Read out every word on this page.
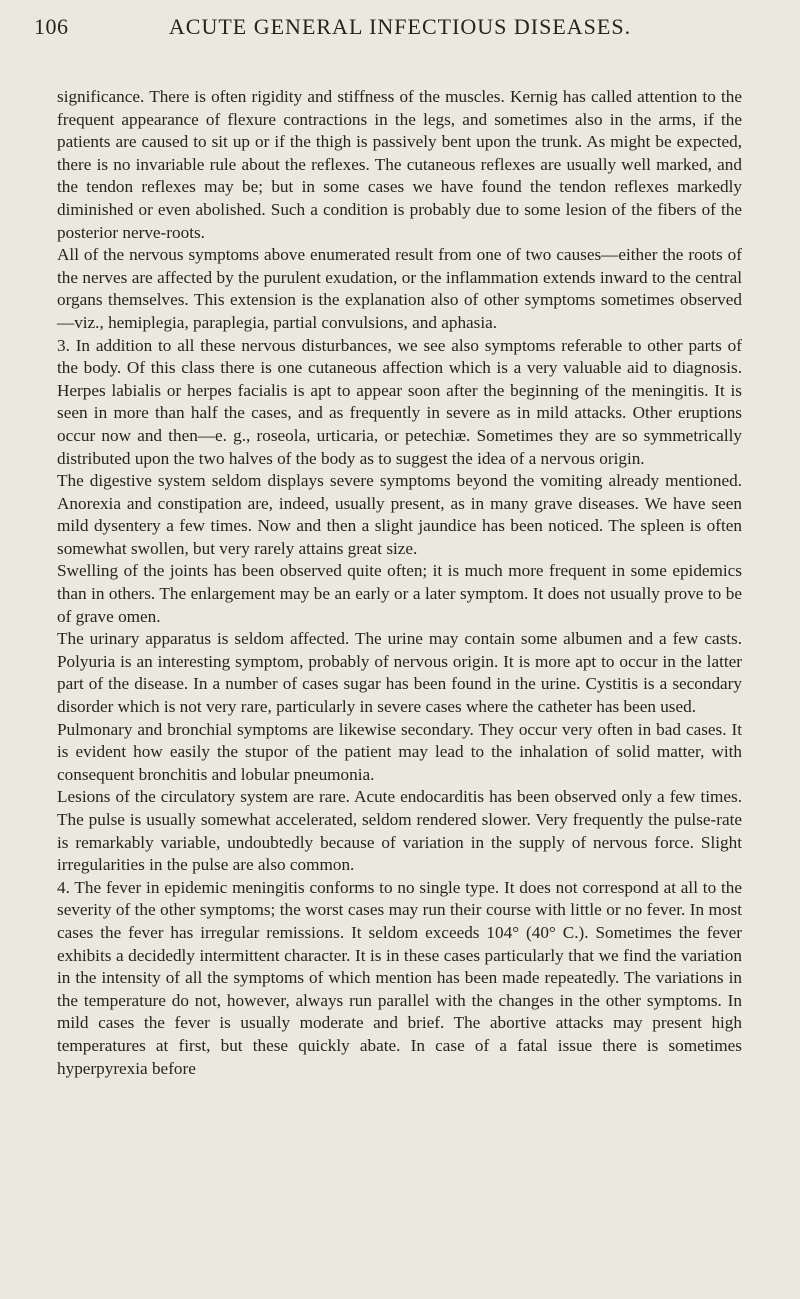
106	ACUTE GENERAL INFECTIOUS DISEASES.

significance. There is often rigidity and stiffness of the muscles. Kernig has called attention to the frequent appearance of flexure contractions in the legs, and sometimes also in the arms, if the patients are caused to sit up or if the thigh is passively bent upon the trunk. As might be expected, there is no invariable rule about the reflexes. The cutaneous reflexes are usually well marked, and the tendon reflexes may be; but in some cases we have found the tendon reflexes markedly diminished or even abolished. Such a condition is probably due to some lesion of the fibers of the posterior nerve-roots.

All of the nervous symptoms above enumerated result from one of two causes—either the roots of the nerves are affected by the purulent exudation, or the inflammation extends inward to the central organs themselves. This extension is the explanation also of other symptoms sometimes observed—viz., hemiplegia, paraplegia, partial convulsions, and aphasia.

3. In addition to all these nervous disturbances, we see also symptoms referable to other parts of the body. Of this class there is one cutaneous affection which is a very valuable aid to diagnosis. Herpes labialis or herpes facialis is apt to appear soon after the beginning of the meningitis. It is seen in more than half the cases, and as frequently in severe as in mild attacks. Other eruptions occur now and then—e. g., roseola, urticaria, or petechiæ. Sometimes they are so symmetrically distributed upon the two halves of the body as to suggest the idea of a nervous origin.

The digestive system seldom displays severe symptoms beyond the vomiting already mentioned. Anorexia and constipation are, indeed, usually present, as in many grave diseases. We have seen mild dysentery a few times. Now and then a slight jaundice has been noticed. The spleen is often somewhat swollen, but very rarely attains great size.

Swelling of the joints has been observed quite often; it is much more frequent in some epidemics than in others. The enlargement may be an early or a later symptom. It does not usually prove to be of grave omen.

The urinary apparatus is seldom affected. The urine may contain some albumen and a few casts. Polyuria is an interesting symptom, probably of nervous origin. It is more apt to occur in the latter part of the disease. In a number of cases sugar has been found in the urine. Cystitis is a secondary disorder which is not very rare, particularly in severe cases where the catheter has been used.

Pulmonary and bronchial symptoms are likewise secondary. They occur very often in bad cases. It is evident how easily the stupor of the patient may lead to the inhalation of solid matter, with consequent bronchitis and lobular pneumonia.

Lesions of the circulatory system are rare. Acute endocarditis has been observed only a few times. The pulse is usually somewhat accelerated, seldom rendered slower. Very frequently the pulse-rate is remarkably variable, undoubtedly because of variation in the supply of nervous force. Slight irregularities in the pulse are also common.

4. The fever in epidemic meningitis conforms to no single type. It does not correspond at all to the severity of the other symptoms; the worst cases may run their course with little or no fever. In most cases the fever has irregular remissions. It seldom exceeds 104° (40° C.). Sometimes the fever exhibits a decidedly intermittent character. It is in these cases particularly that we find the variation in the intensity of all the symptoms of which mention has been made repeatedly. The variations in the temperature do not, however, always run parallel with the changes in the other symptoms. In mild cases the fever is usually moderate and brief. The abortive attacks may present high temperatures at first, but these quickly abate. In case of a fatal issue there is sometimes hyperpyrexia before
